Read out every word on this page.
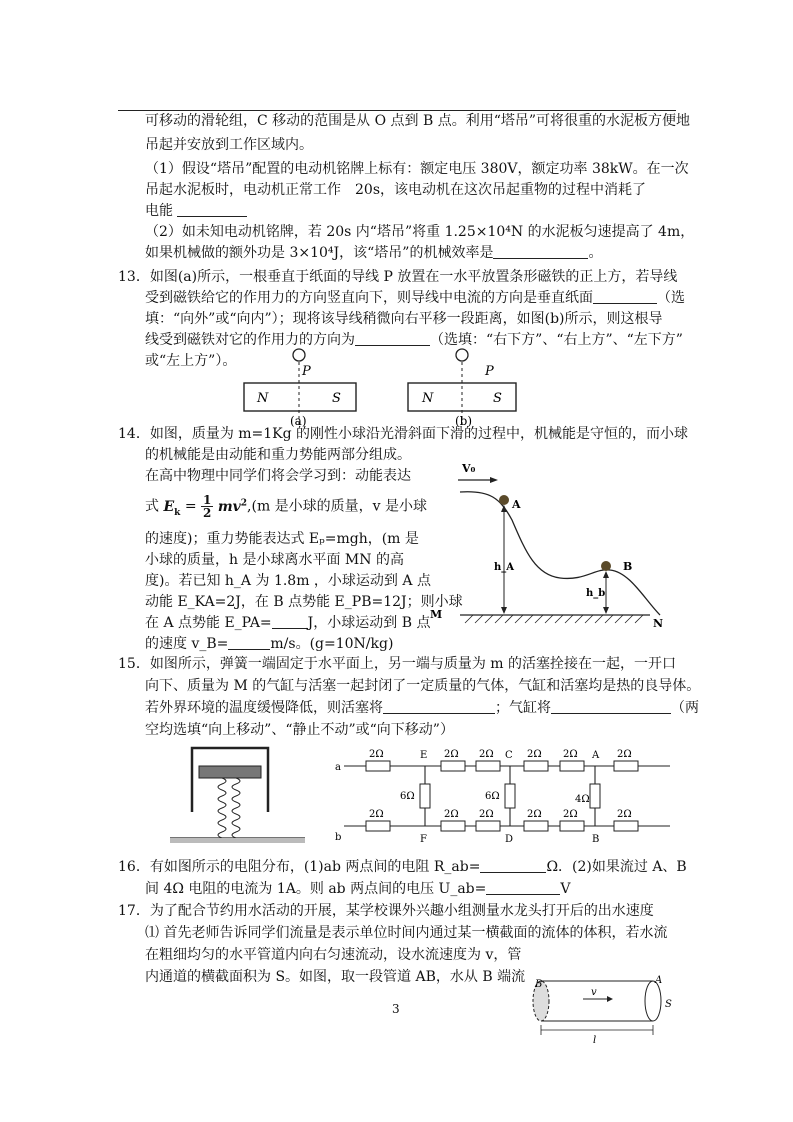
可移动的滑轮组，C 移动的范围是从 O 点到 B 点。利用“塔吊”可将很重的水泥板方便地
吊起并安放到工作区域内。
（1）假设“塔吊”配置的电动机铭牌上标有：额定电压 380V，额定功率 38kW。在一次
吊起水泥板时，电动机正常工作　20s，该电动机在这次吊起重物的过程中消耗了
电能
（2）如未知电动机铭牌，若 20s 内“塔吊”将重 1.25×10⁴N 的水泥板匀速提高了 4m，
如果机械做的额外功是 3×10⁴J，该“塔吊”的机械效率是	。
13．如图(a)所示，一根垂直于纸面的导线 P 放置在一水平放置条形磁铁的正上方，若导线
受到磁铁给它的作用力的方向竖直向下，则导线中电流的方向是垂直纸面	（选
填：“向外”或“向内”）；现将该导线稍微向右平移一段距离，如图(b)所示，则这根导
线受到磁铁对它的作用力的方向为	（选填：“右下方”、“右上方”、“左下方”
或“左上方”）。
P	P
N	S	N	S
(a)	(b)
14．如图，质量为 m=1Kg 的刚性小球沿光滑斜面下滑的过程中，机械能是守恒的，而小球
的机械能是由动能和重力势能两部分组成。
在高中物理中同学们将会学习到：动能表达
式 $E_k = \frac{1}{2} mv^2,(m$ 是小球的质量，v 是小球
的速度)；重力势能表达式 Eₚ=mgh，(m 是
小球的质量，h 是小球离水平面 MN 的高
度)。若已知 h_A 为 1.8m ，小球运动到 A 点
动能 E_KA=2J，在 B 点势能 E_PB=12J；则小球
在 A 点势能 E_PA=	J，小球运动到 B 点
的速度 v_B=	m/s。(g=10N/kg)
V₀
A
B
h_A
h_b
M
N
15．如图所示，弹簧一端固定于水平面上，另一端与质量为 m 的活塞拴接在一起，一开口
向下、质量为 M 的气缸与活塞一起封闭了一定质量的气体，气缸和活塞均是热的良导体。
若外界环境的温度缓慢降低，则活塞将	；气缸将	（两
空均选填“向上移动”、“静止不动”或“向下移动”）
2Ω	2Ω 2Ω	2Ω 2Ω	2Ω
2Ω	2Ω 2Ω	2Ω 2Ω	2Ω
6Ω	6Ω	4Ω
a
b
E	C	A
F	D	B
16．有如图所示的电阻分布，(1)ab 两点间的电阻 R_ab=	Ω．(2)如果流过 A、B
间 4Ω 电阻的电流为 1A。则 ab 两点间的电压 U_ab=	V
17．为了配合节约用水活动的开展，某学校课外兴趣小组测量水龙头打开后的出水速度
⑴ 首先老师告诉同学们流量是表示单位时间内通过某一横截面的流体的体积，若水流
在粗细均匀的水平管道内向右匀速流动，设水流速度为 v，管
内通道的横截面积为 S。如图，取一段管道 AB，水从 B 端流
v
B	A
S
l
3
